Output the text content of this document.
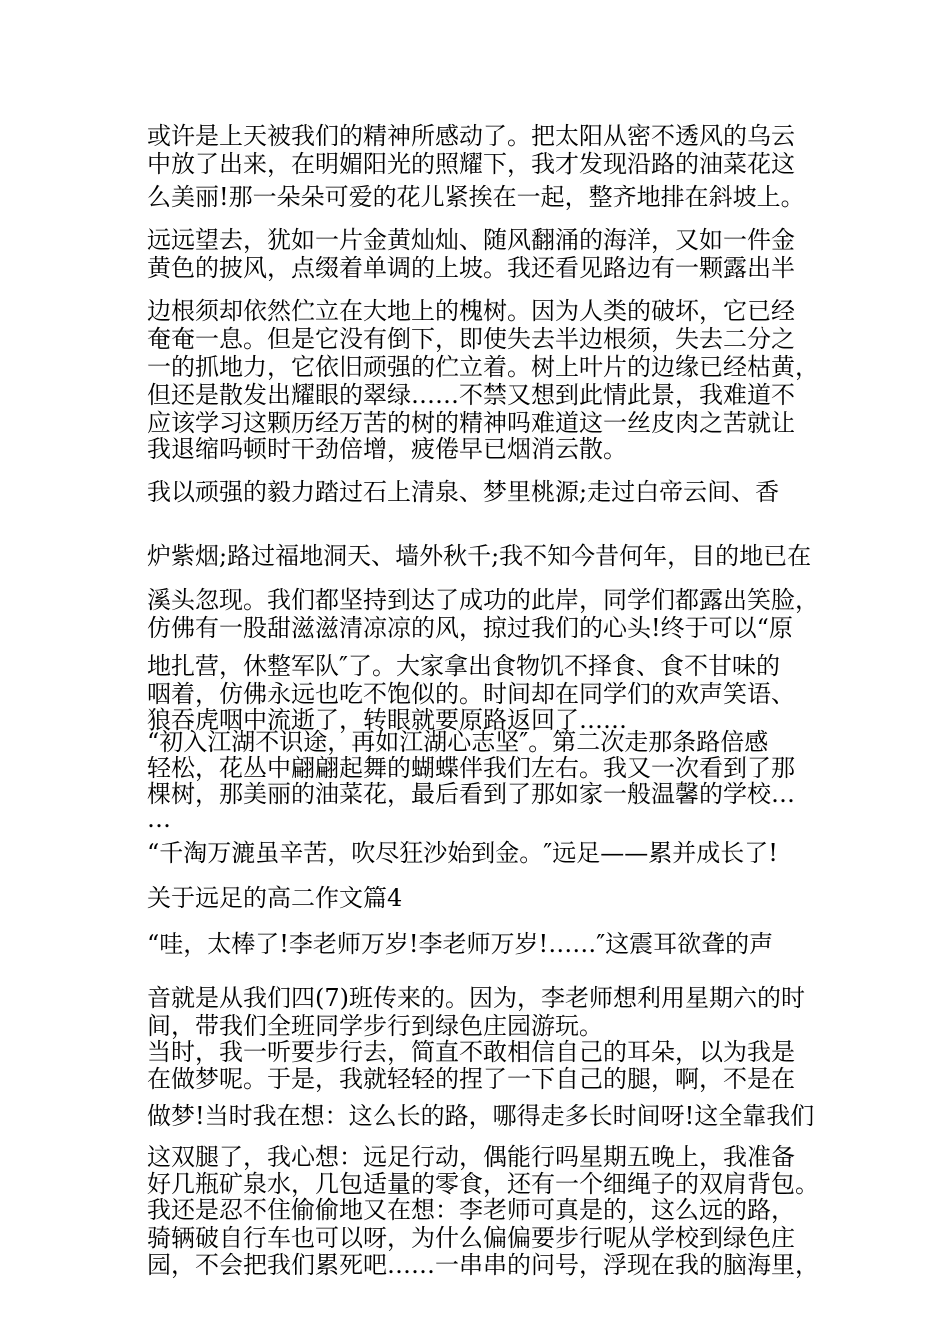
或许是上天被我们的精神所感动了。把太阳从密不透风的乌云
中放了出来，在明媚阳光的照耀下，我才发现沿路的油菜花这
么美丽!那一朵朵可爱的花儿紧挨在一起，整齐地排在斜坡上。
远远望去，犹如一片金黄灿灿、随风翻涌的海洋，又如一件金
黄色的披风，点缀着单调的上坡。我还看见路边有一颗露出半
边根须却依然伫立在大地上的槐树。因为人类的破坏，它已经
奄奄一息。但是它没有倒下，即使失去半边根须，失去二分之
一的抓地力，它依旧顽强的伫立着。树上叶片的边缘已经枯黄，
但还是散发出耀眼的翠绿……不禁又想到此情此景，我难道不
应该学习这颗历经万苦的树的精神吗难道这一丝皮肉之苦就让
我退缩吗顿时干劲倍增，疲倦早已烟消云散。
我以顽强的毅力踏过石上清泉、梦里桃源;走过白帝云间、香
炉紫烟;路过福地洞天、墙外秋千;我不知今昔何年，目的地已在
溪头忽现。我们都坚持到达了成功的此岸，同学们都露出笑脸，
仿佛有一股甜滋滋清凉凉的风，掠过我们的心头!终于可以“原
地扎营，休整军队″了。大家拿出食物饥不择食、食不甘味的
咽着，仿佛永远也吃不饱似的。时间却在同学们的欢声笑语、
狼吞虎咽中流逝了，转眼就要原路返回了……
“初入江湖不识途，再如江湖心志坚″。第二次走那条路倍感
轻松，花丛中翩翩起舞的蝴蝶伴我们左右。我又一次看到了那
棵树，那美丽的油菜花，最后看到了那如家一般温馨的学校…
…
“千淘万漉虽辛苦，吹尽狂沙始到金。″远足——累并成长了!
关于远足的高二作文篇4
“哇，太棒了!李老师万岁!李老师万岁!……″这震耳欲聋的声
音就是从我们四(7)班传来的。因为，李老师想利用星期六的时
间，带我们全班同学步行到绿色庄园游玩。
当时，我一听要步行去，简直不敢相信自己的耳朵，以为我是
在做梦呢。于是，我就轻轻的捏了一下自己的腿，啊，不是在
做梦!当时我在想：这么长的路，哪得走多长时间呀!这全靠我们
这双腿了，我心想：远足行动，偶能行吗星期五晚上，我准备
好几瓶矿泉水，几包适量的零食，还有一个细绳子的双肩背包。
我还是忍不住偷偷地又在想：李老师可真是的，这么远的路，
骑辆破自行车也可以呀，为什么偏偏要步行呢从学校到绿色庄
园，不会把我们累死吧……一串串的问号，浮现在我的脑海里，
